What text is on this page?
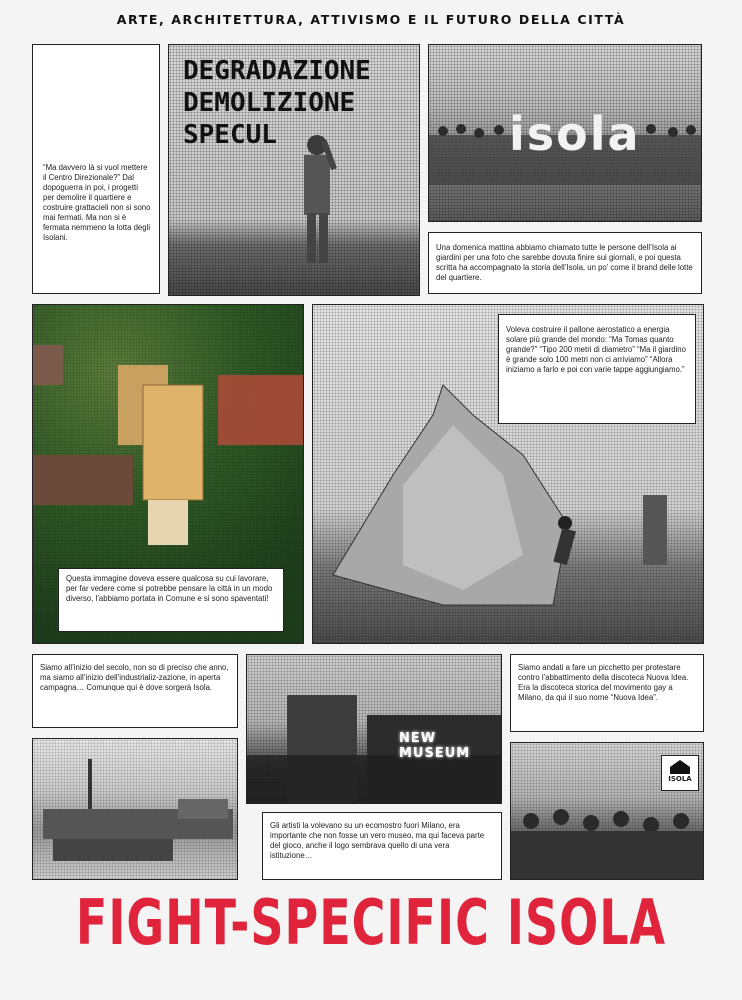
ARTE, ARCHITETTURA, ATTIVISMO E IL FUTURO DELLA CITTÀ
“Ma davvero là si vuol mettere il Centro Direzionale?” Dal dopoguerra in poi, i progetti per demolire il quartiere e costruire grattacieli non si sono mai fermati. Ma non si è fermata nemmeno la lotta degli Isolani.
DEGRADAZIONE
DEMOLIZIONE
SPECUL	isola
Una domenica mattina abbiamo chiamato tutte le persone dell’Isola ai giardini per una foto che sarebbe dovuta finire sui giornali, e poi questa scritta ha accompagnato la storia dell’Isola, un po’ come il brand delle lotte del quartiere.
Questa immagine doveva essere qualcosa su cui lavorare, per far vedere come si potrebbe pensare la città in un modo diverso, l’abbiamo portata in Comune e si sono spaventati!
Voleva costruire il pallone aerostatico a energia solare più grande del mondo: “Ma Tomas quanto grande?” “Tipo 200 metri di diametro” “Ma il giardino è grande solo 100 metri non ci arriviamo” “Allora iniziamo a farlo e poi con varie tappe aggiungiamo.”
Siamo all’inizio del secolo, non so di preciso che anno, ma siamo all’inizio dell’industrializ-zazione, in aperta campagna… Comunque qui è dove sorgerà Isola.
NEW MUSEUM
Gli artisti la volevano su un ecomostro fuori Milano, era importante che non fosse un vero museo, ma qui faceva parte del gioco, anche il logo sembrava quello di una vera istituzione…
Siamo andati a fare un picchetto per protestare contro l’abbattimento della discoteca Nuova Idea. Era la discoteca storica del movimento gay a Milano, da qui il suo nome “Nuova Idea”.
ISOLA
FIGHT-SPECIFIC ISOLA
